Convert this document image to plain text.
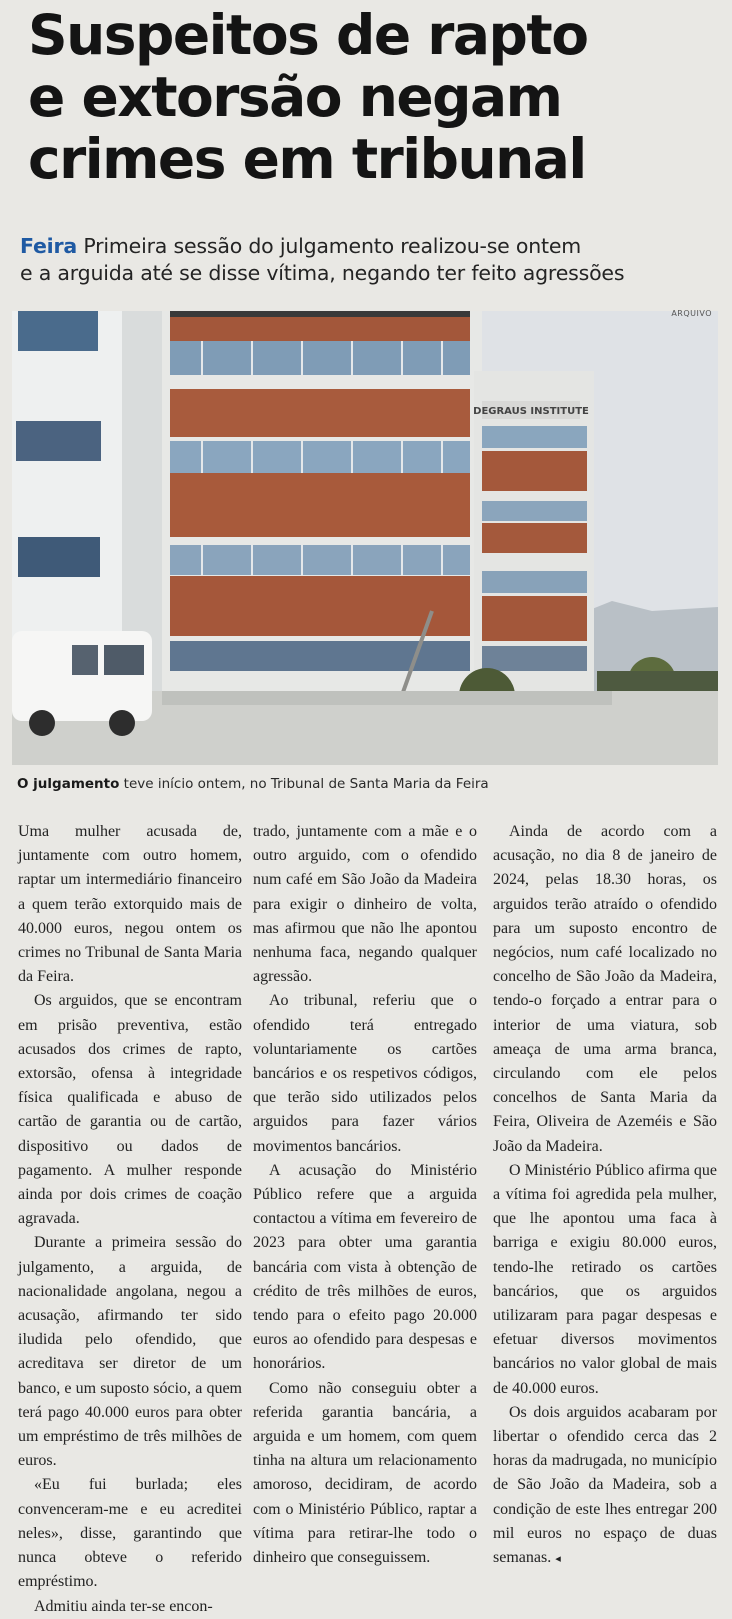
Suspeitos de rapto
e extorsão negam
crimes em tribunal
Feira Primeira sessão do julgamento realizou-se ontem
e a arguida até se disse vítima, negando ter feito agressões
DEGRAUS INSTITUTE
ARQUIVO
O julgamento teve início ontem, no Tribunal de Santa Maria da Feira

Uma mulher acusada de, juntamente com outro homem, raptar um intermediário financeiro a quem terão extorquido mais de 40.000 euros, negou ontem os crimes no Tribunal de Santa Maria da Feira.

Os arguidos, que se encontram em prisão preventiva, estão acusados dos crimes de rapto, extorsão, ofensa à integridade física qualificada e abuso de cartão de garantia ou de cartão, dispositivo ou dados de pagamento. A mulher responde ainda por dois crimes de coação agravada.

Durante a primeira sessão do julgamento, a arguida, de nacionalidade angolana, negou a acusação, afirmando ter sido iludida pelo ofendido, que acreditava ser diretor de um banco, e um suposto sócio, a quem terá pago 40.000 euros para obter um empréstimo de três milhões de euros.

«Eu fui burlada; eles convenceram-me e eu acreditei neles», disse, garantindo que nunca obteve o referido empréstimo.

Admitiu ainda ter-se encon-

trado, juntamente com a mãe e o outro arguido, com o ofendido num café em São João da Madeira para exigir o dinheiro de volta, mas afirmou que não lhe apontou nenhuma faca, negando qualquer agressão.

Ao tribunal, referiu que o ofendido terá entregado voluntariamente os cartões bancários e os respetivos códigos, que terão sido utilizados pelos arguidos para fazer vários movimentos bancários.

A acusação do Ministério Público refere que a arguida contactou a vítima em fevereiro de 2023 para obter uma garantia bancária com vista à obtenção de crédito de três milhões de euros, tendo para o efeito pago 20.000 euros ao ofendido para despesas e honorários.

Como não conseguiu obter a referida garantia bancária, a arguida e um homem, com quem tinha na altura um relacionamento amoroso, decidiram, de acordo com o Ministério Público, raptar a vítima para retirar-lhe todo o dinheiro que conseguissem.

Ainda de acordo com a acusação, no dia 8 de janeiro de 2024, pelas 18.30 horas, os arguidos terão atraído o ofendido para um suposto encontro de negócios, num café localizado no concelho de São João da Madeira, tendo-o forçado a entrar para o interior de uma viatura, sob ameaça de uma arma branca, circulando com ele pelos concelhos de Santa Maria da Feira, Oliveira de Azeméis e São João da Madeira.

O Ministério Público afirma que a vítima foi agredida pela mulher, que lhe apontou uma faca à barriga e exigiu 80.000 euros, tendo-lhe retirado os cartões bancários, que os arguidos utilizaram para pagar despesas e efetuar diversos movimentos bancários no valor global de mais de 40.000 euros.

Os dois arguidos acabaram por libertar o ofendido cerca das 2 horas da madrugada, no município de São João da Madeira, sob a condição de este lhes entregar 200 mil euros no espaço de duas semanas. ◂
